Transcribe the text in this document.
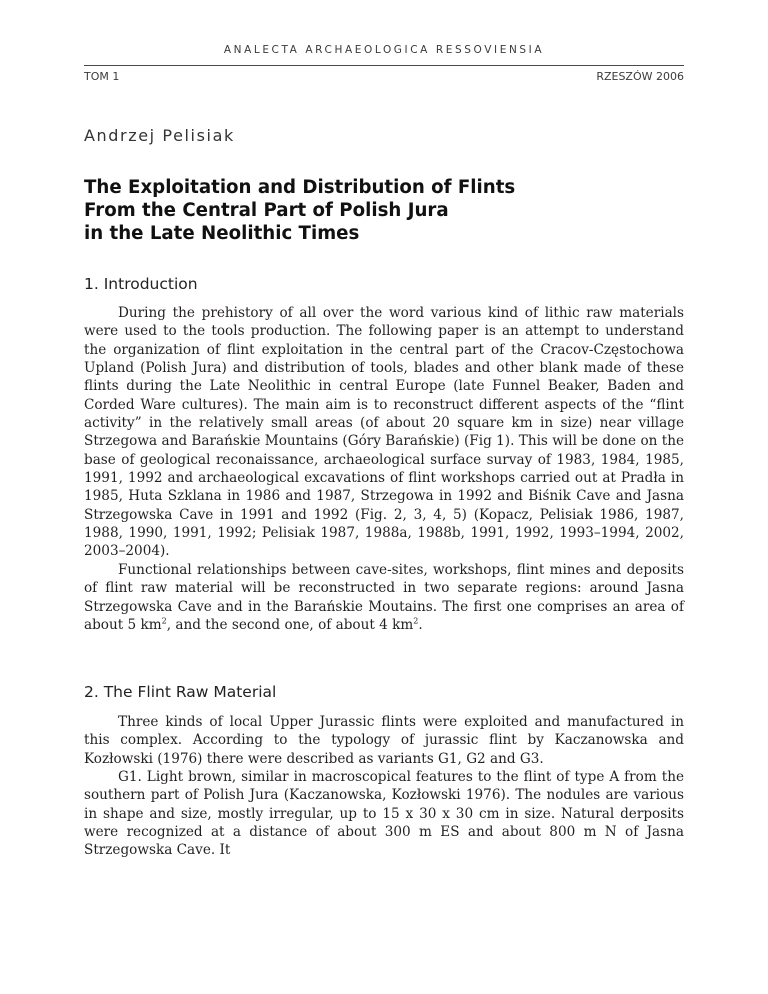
ANALECTA ARCHAEOLOGICA RESSOVIENSIA
TOM 1	RZESZÓW 2006
Andrzej Pelisiak
The Exploitation and Distribution of Flints
From the Central Part of Polish Jura
in the Late Neolithic Times
1. Introduction

During the prehistory of all over the word various kind of lithic raw materials were used to the tools production. The following paper is an attempt to understand the organization of flint exploitation in the central part of the Cracov-Częstochowa Upland (Polish Jura) and distribution of tools, blades and other blank made of these flints during the Late Neolithic in central Europe (late Funnel Beaker, Baden and Corded Ware cultures). The main aim is to reconstruct different aspects of the “flint activity” in the relatively small areas (of about 20 square km in size) near village Strzegowa and Barańskie Mountains (Góry Barańskie) (Fig 1). This will be done on the base of geological reconaissance, archaeological surface survay of 1983, 1984, 1985, 1991, 1992 and archaeological excavations of flint workshops carried out at Pradła in 1985, Huta Szklana in 1986 and 1987, Strzegowa in 1992 and Biśnik Cave and Jasna Strzegowska Cave in 1991 and 1992 (Fig. 2, 3, 4, 5) (Kopacz, Pelisiak 1986, 1987, 1988, 1990, 1991, 1992; Pelisiak 1987, 1988a, 1988b, 1991, 1992, 1993–1994, 2002, 2003–2004).

Functional relationships between cave-sites, workshops, flint mines and deposits of flint raw material will be reconstructed in two separate regions: around Jasna Strzegowska Cave and in the Barańskie Moutains. The first one comprises an area of about 5 $km^2$, and the second one, of about 4 $km^2$.

2. The Flint Raw Material

Three kinds of local Upper Jurassic flints were exploited and manufactured in this complex. According to the typology of jurassic flint by Kaczanowska and Kozłowski (1976) there were described as variants G1, G2 and G3.

G1. Light brown, similar in macroscopical features to the flint of type A from the southern part of Polish Jura (Kaczanowska, Kozłowski 1976). The nodules are various in shape and size, mostly irregular, up to 15 x 30 x 30 cm in size. Natural derposits were recognized at a distance of about 300 m ES and about 800 m N of Jasna Strzegowska Cave. It
